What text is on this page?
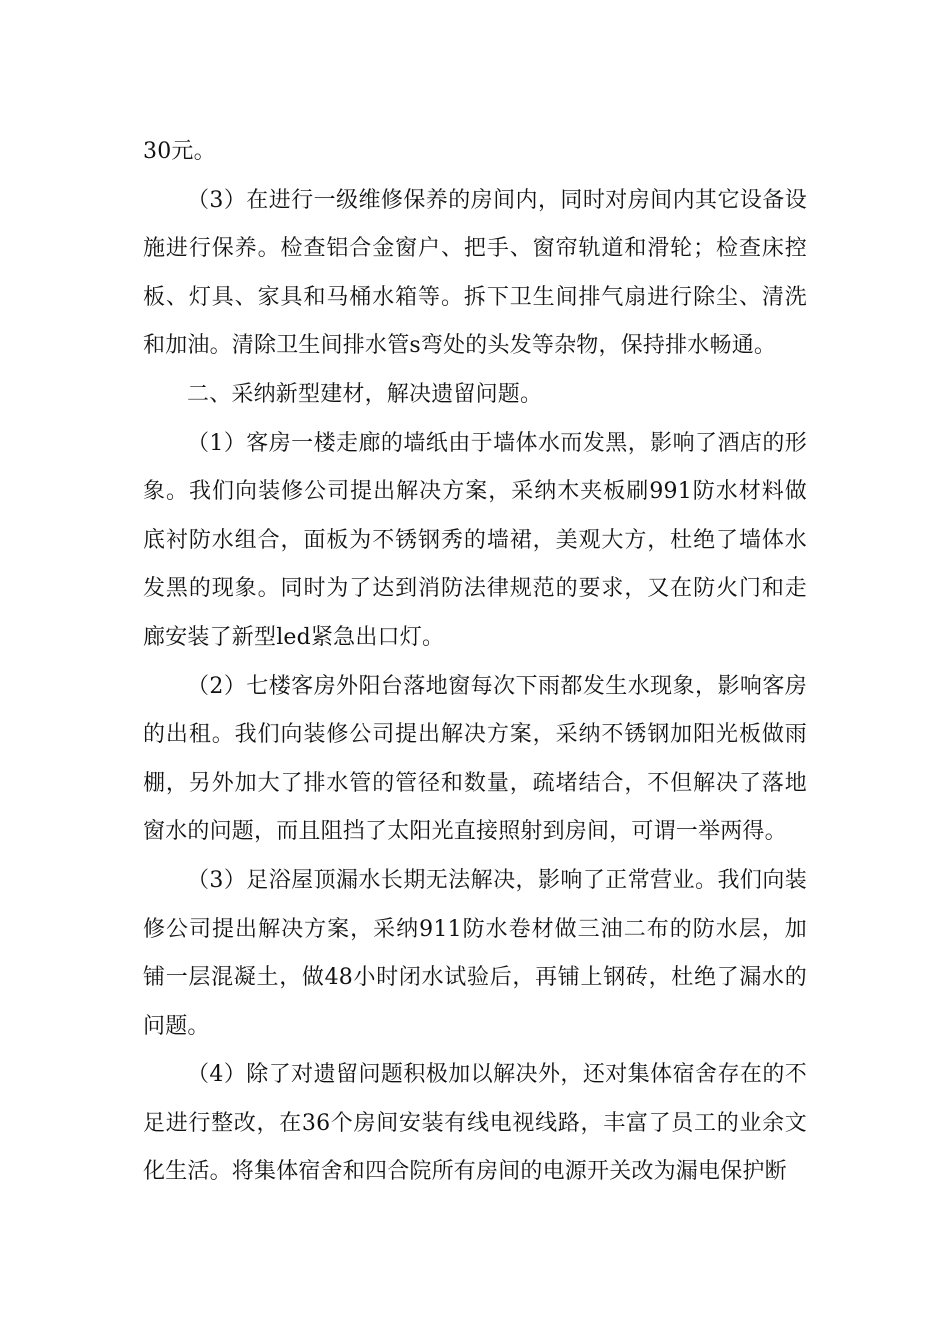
30元。

（3）在进行一级维修保养的房间内，同时对房间内其它设备设施进行保养。检查铝合金窗户、把手、窗帘轨道和滑轮；检查床控板、灯具、家具和马桶水箱等。拆下卫生间排气扇进行除尘、清洗和加油。清除卫生间排水管s弯处的头发等杂物，保持排水畅通。

二、采纳新型建材，解决遗留问题。

（1）客房一楼走廊的墙纸由于墙体水而发黑，影响了酒店的形象。我们向装修公司提出解决方案，采纳木夹板刷991防水材料做底衬防水组合，面板为不锈钢秀的墙裙，美观大方，杜绝了墙体水发黑的现象。同时为了达到消防法律规范的要求，又在防火门和走廊安装了新型led紧急出口灯。

（2）七楼客房外阳台落地窗每次下雨都发生水现象，影响客房的出租。我们向装修公司提出解决方案，采纳不锈钢加阳光板做雨棚，另外加大了排水管的管径和数量，疏堵结合，不但解决了落地窗水的问题，而且阻挡了太阳光直接照射到房间，可谓一举两得。

（3）足浴屋顶漏水长期无法解决，影响了正常营业。我们向装修公司提出解决方案，采纳911防水卷材做三油二布的防水层，加铺一层混凝土，做48小时闭水试验后，再铺上钢砖，杜绝了漏水的问题。

（4）除了对遗留问题积极加以解决外，还对集体宿舍存在的不足进行整改，在36个房间安装有线电视线路，丰富了员工的业余文化生活。将集体宿舍和四合院所有房间的电源开关改为漏电保护断
